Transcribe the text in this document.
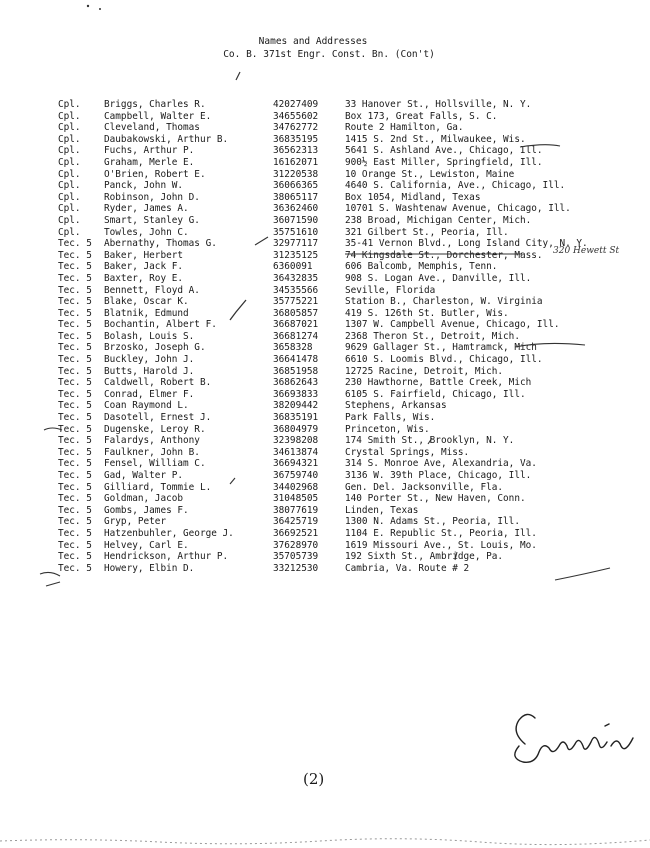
Names and Addresses
Co. B. 371st Engr. Const. Bn. (Con't)
Cpl. Briggs, Charles R.	42027409	33 Hanover St., Hollsville, N. Y.
Cpl. Campbell, Walter E.	34655602	Box 173, Great Falls, S. C.
Cpl. Cleveland, Thomas	34762772	Route 2 Hamilton, Ga.
Cpl. Daubakowski, Arthur B.	36835195	1415 S. 2nd St., Milwaukee, Wis.
Cpl. Fuchs, Arthur P.	36562313	5641 S. Ashland Ave., Chicago, Ill.
Cpl. Graham, Merle E.	16162071	900½ East Miller, Springfield, Ill.
Cpl. O'Brien, Robert E.	31220538	10 Orange St., Lewiston, Maine
Cpl. Panck, John W.	36066365	4640 S. California, Ave., Chicago, Ill.
Cpl. Robinson, John D.	38065117	Box 1054, Midland, Texas
Cpl. Ryder, James A.	36362460	10701 S. Washtenaw Avenue, Chicago, Ill.
Cpl. Smart, Stanley G.	36071590	238 Broad, Michigan Center, Mich.
Cpl. Towles, John C.	35751610	321 Gilbert St., Peoria, Ill.
Tec. 5 Abernathy, Thomas G.	32977117	35-41 Vernon Blvd., Long Island City, N. Y.
Tec. 5 Baker, Herbert	31235125	74 Kingsdale St., Dorchester, Mass.
Tec. 5 Baker, Jack F.	6360091	606 Balcomb, Memphis, Tenn.
Tec. 5 Baxter, Roy E.	36432835	908 S. Logan Ave., Danville, Ill.
Tec. 5 Bennett, Floyd A.	34535566	Seville, Florida
Tec. 5 Blake, Oscar K.	35775221	Station B., Charleston, W. Virginia
Tec. 5 Blatnik, Edmund	36805857	419 S. 126th St. Butler, Wis.
Tec. 5 Bochantin, Albert F.	36687021	1307 W. Campbell Avenue, Chicago, Ill.
Tec. 5 Bolash, Louis S.	36681274	2368 Theron St., Detroit, Mich.
Tec. 5 Brzosko, Joseph G.	3658328	9629 Gallager St., Hamtramck, Mich
Tec. 5 Buckley, John J.	36641478	6610 S. Loomis Blvd., Chicago, Ill.
Tec. 5 Butts, Harold J.	36851958	12725 Racine, Detroit, Mich.
Tec. 5 Caldwell, Robert B.	36862643	230 Hawthorne, Battle Creek, Mich
Tec. 5 Conrad, Elmer F.	36693833	6105 S. Fairfield, Chicago, Ill.
Tec. 5 Coan Raymond L.	38209442	Stephens, Arkansas
Tec. 5 Dasotell, Ernest J.	36835191	Park Falls, Wis.
Tec. 5 Dugenske, Leroy R.	36804979	Princeton, Wis.
Tec. 5 Falardys, Anthony	32398208	174 Smith St., Brooklyn, N. Y.
Tec. 5 Faulkner, John B.	34613874	Crystal Springs, Miss.
Tec. 5 Fensel, William C.	36694321	314 S. Monroe Ave, Alexandria, Va.
Tec. 5 Gad, Walter P.	36759740	3136 W. 39th Place, Chicago, Ill.
Tec. 5 Gilliard, Tommie L.	34402968	Gen. Del. Jacksonville, Fla.
Tec. 5 Goldman, Jacob	31048505	140 Porter St., New Haven, Conn.
Tec. 5 Gombs, James F.	38077619	Linden, Texas
Tec. 5 Gryp, Peter	36425719	1300 N. Adams St., Peoria, Ill.
Tec. 5 Hatzenbuhler, George J.	36692521	1104 E. Republic St., Peoria, Ill.
Tec. 5 Helvey, Carl E.	37628970	1619 Missouri Ave., St. Louis, Mo.
Tec. 5 Hendrickson, Arthur P.	35705739	192 Sixth St., Ambridge, Pa.
Tec. 5 Howery, Elbin D.	33212530	Cambria, Va. Route # 2
320 Hewett St
(2)
